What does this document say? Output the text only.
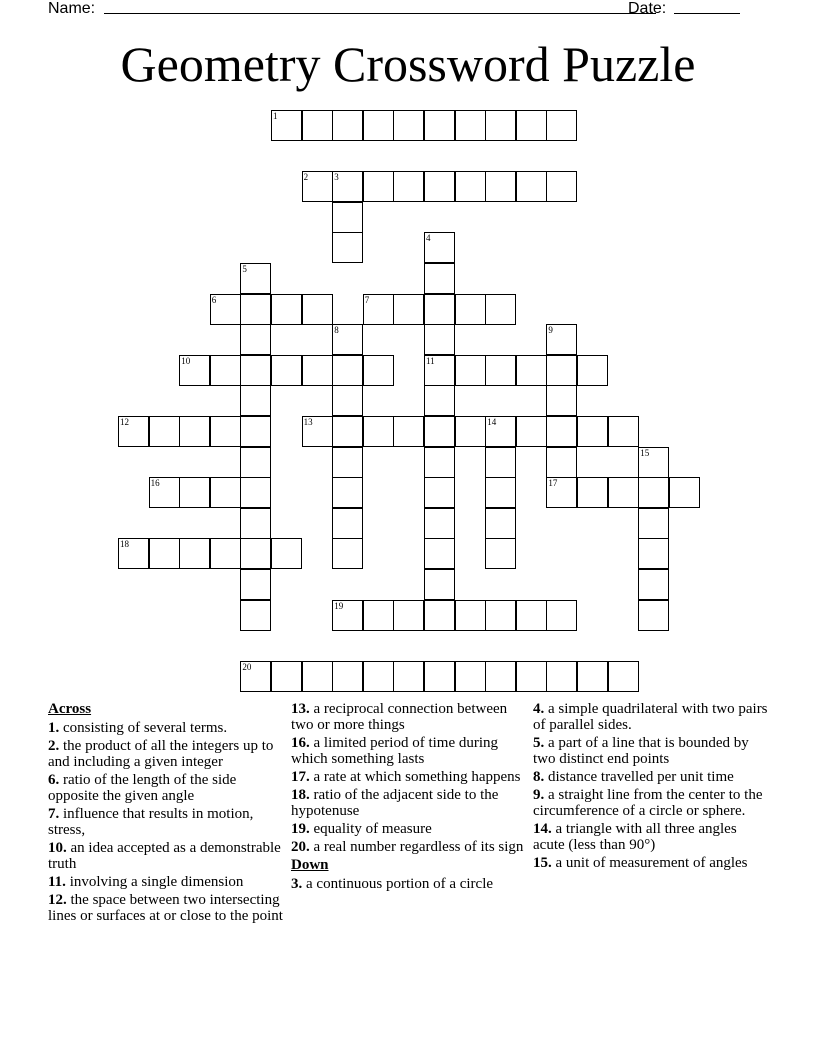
Name:	Date:
Geometry Crossword Puzzle
1
2	3
4
11
5
6	7
8	9
17
10
12	13	14
15
16
18
19
20
Across
1. consisting of several terms.
2. the product of all the integers up to and including a given integer
6. ratio of the length of the side opposite the given angle
7. influence that results in motion, stress,
10. an idea accepted as a demonstrable truth
11. involving a single dimension
12. the space between two intersecting lines or surfaces at or close to the point
13. a reciprocal connection between two or more things
16. a limited period of time during which something lasts
17. a rate at which something happens
18. ratio of the adjacent side to the hypotenuse
19. equality of measure
20. a real number regardless of its sign
Down
3. a continuous portion of a circle
4. a simple quadrilateral with two pairs of parallel sides.
5. a part of a line that is bounded by two distinct end points
8. distance travelled per unit time
9. a straight line from the center to the circumference of a circle or sphere.
14. a triangle with all three angles acute (less than 90°)
15. a unit of measurement of angles
